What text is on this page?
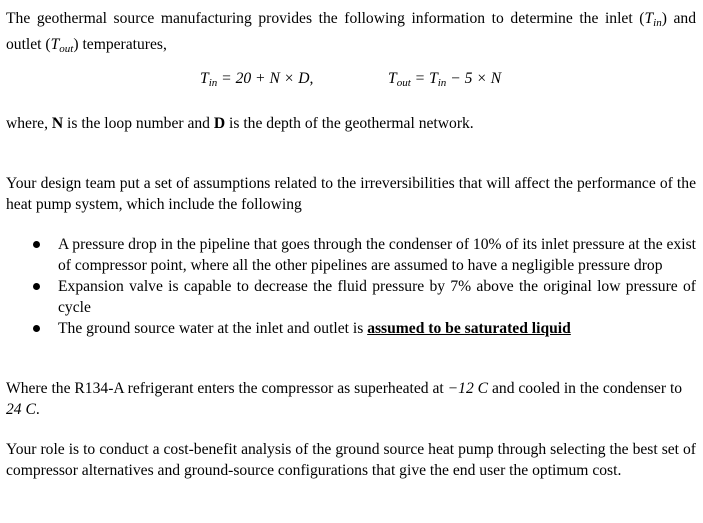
The geothermal source manufacturing provides the following information to determine the inlet $(T_{in})$ and outlet $(T_{out})$ temperatures,

$T_{in} = 20 + N \times D$,	$T_{out} = T_{in} - 5 \times N$

where, N is the loop number and D is the depth of the geothermal network.

Your design team put a set of assumptions related to the irreversibilities that will affect the performance of the heat pump system, which include the following

A pressure drop in the pipeline that goes through the condenser of 10% of its inlet pressure at the exist of compressor point, where all the other pipelines are assumed to have a negligible pressure drop
Expansion valve is capable to decrease the fluid pressure by 7% above the original low pressure of cycle
The ground source water at the inlet and outlet is assumed to be saturated liquid

Where the R134-A refrigerant enters the compressor as superheated at −12 C and cooled in the condenser to 24 C.

Your role is to conduct a cost-benefit analysis of the ground source heat pump through selecting the best set of compressor alternatives and ground-source configurations that give the end user the optimum cost.
